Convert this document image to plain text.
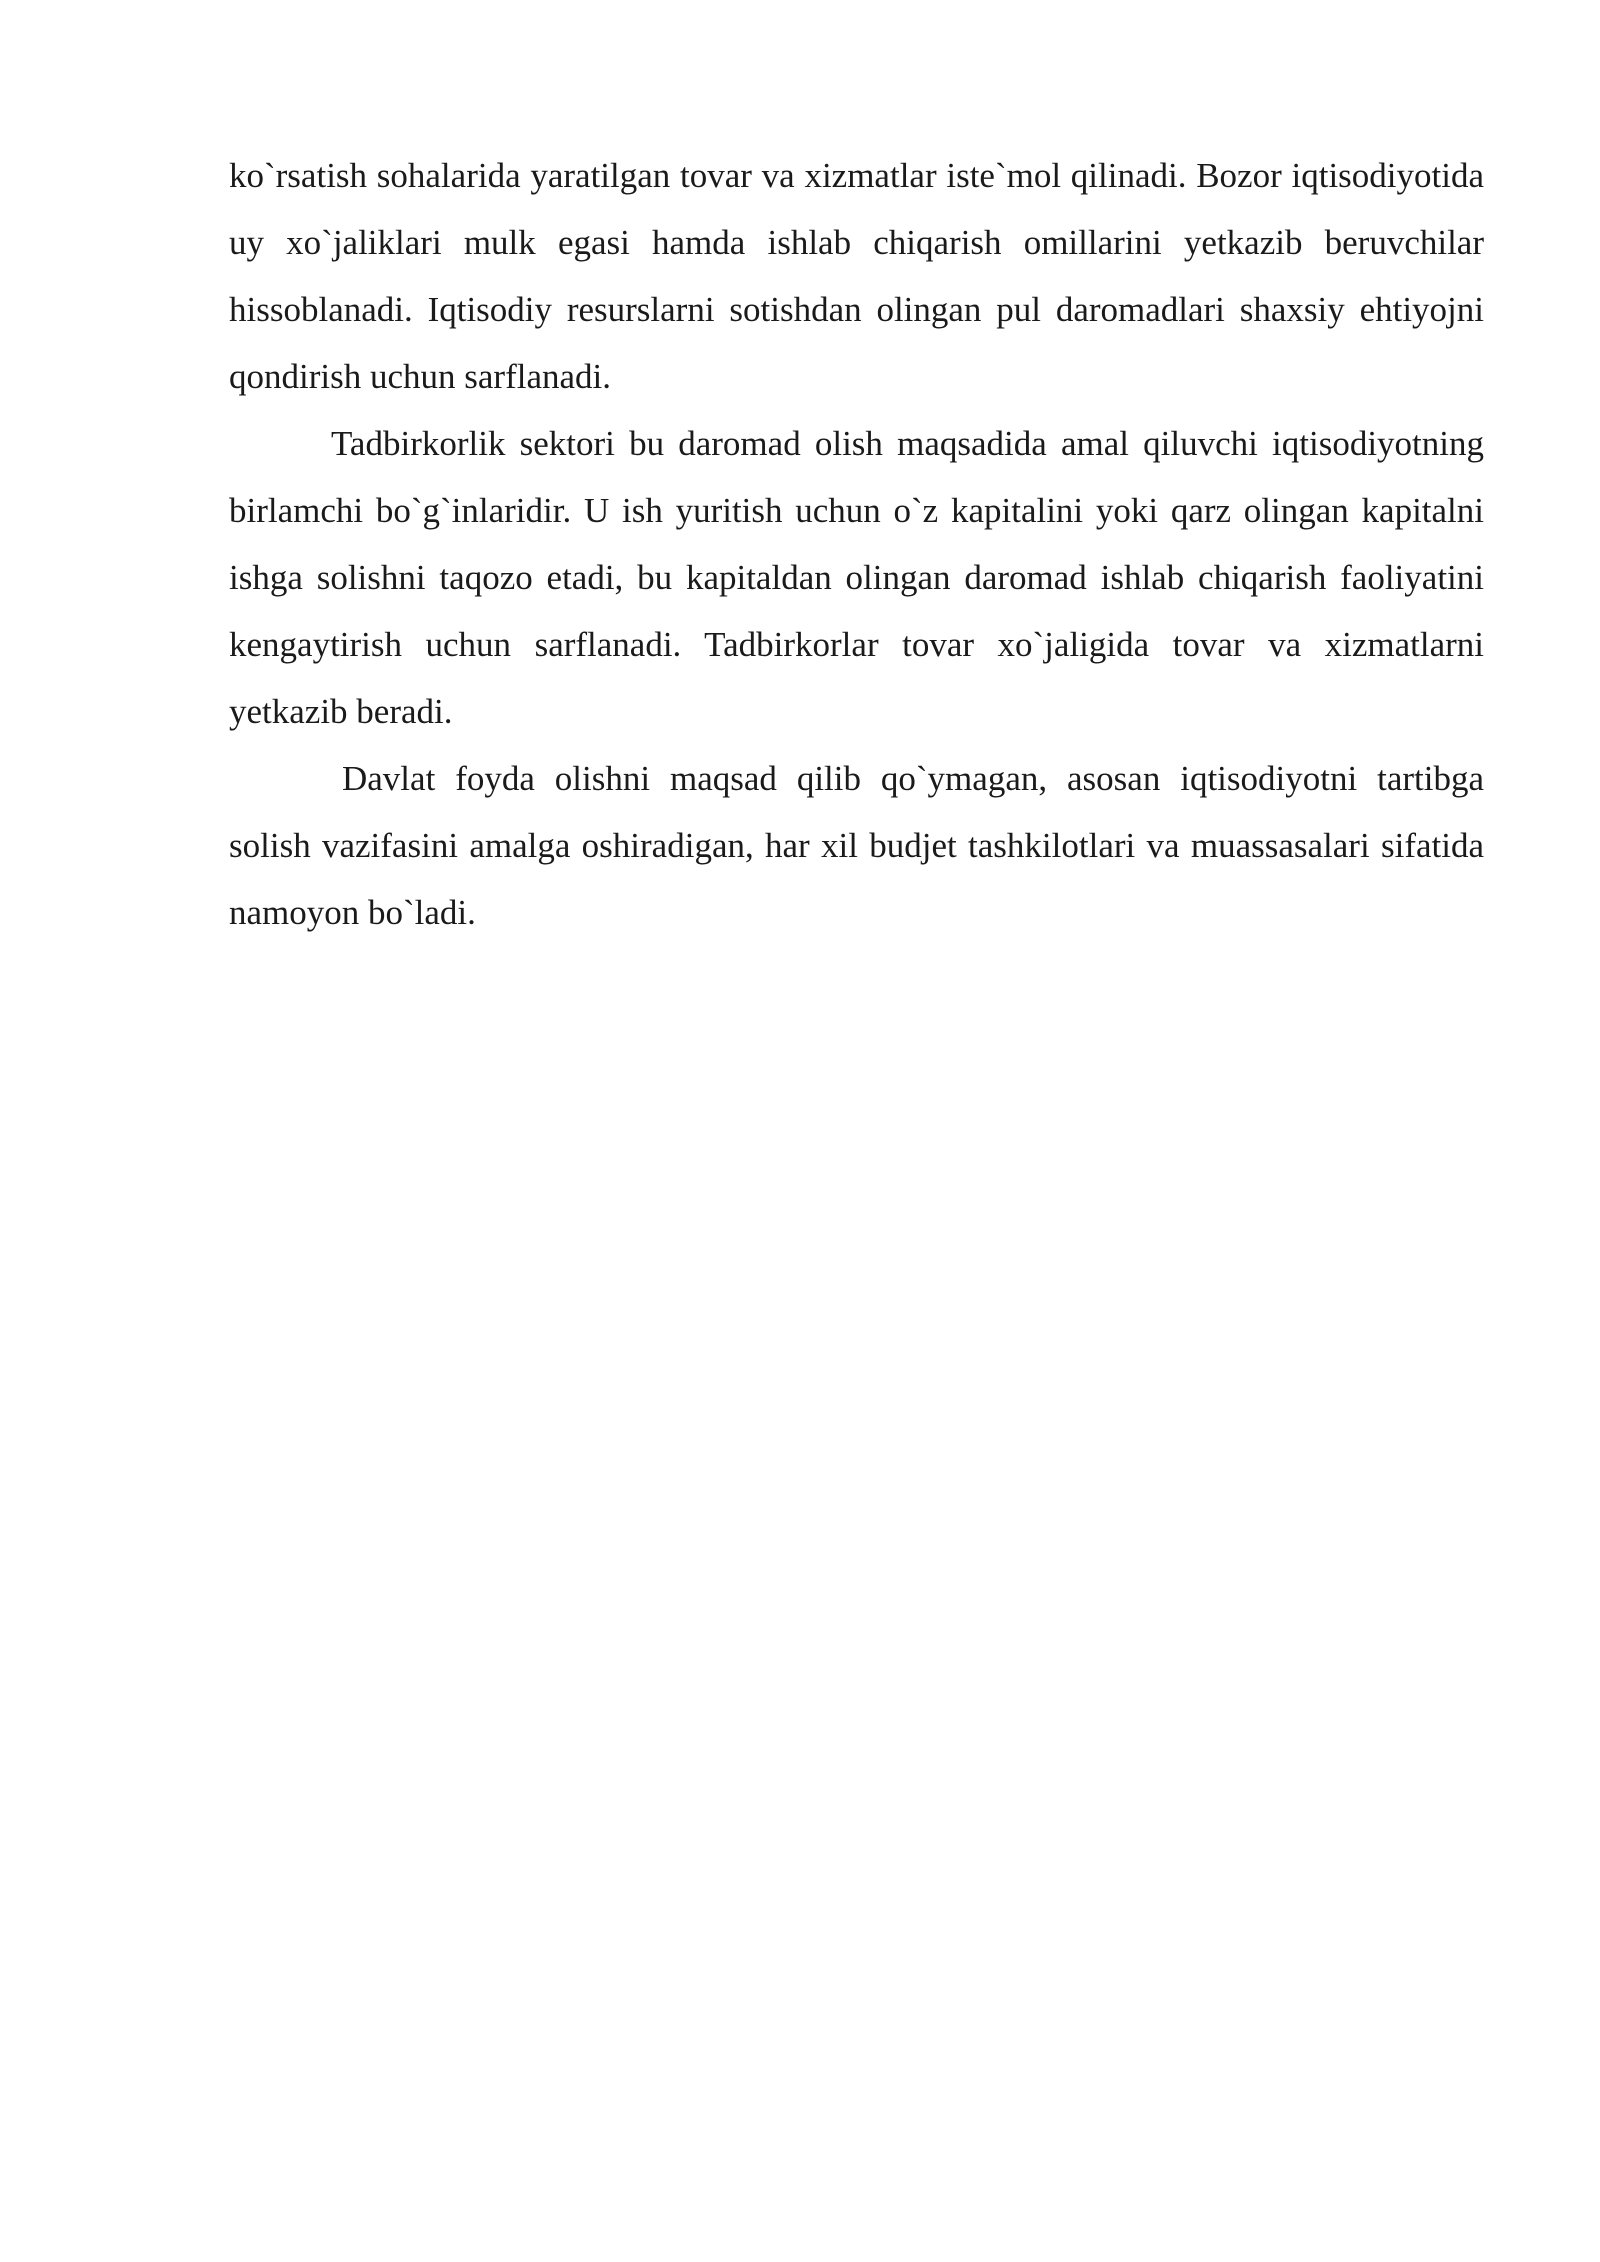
ko`rsatish sohalarida yaratilgan tovar va xizmatlar iste`mol qilinadi. Bozor iqtisodiyotida uy xo`jaliklari mulk egasi hamda ishlab chiqarish omillarini yetkazib beruvchilar hissoblanadi. Iqtisodiy resurslarni sotishdan olingan pul daromadlari shaxsiy ehtiyojni qondirish uchun sarflanadi.

Tadbirkorlik sektori bu daromad olish maqsadida amal qiluvchi iqtisodiyotning birlamchi bo`g`inlaridir. U ish yuritish uchun o`z kapitalini yoki qarz olingan kapitalni ishga solishni taqozo etadi, bu kapitaldan olingan daromad ishlab chiqarish faoliyatini kengaytirish uchun sarflanadi. Tadbirkorlar tovar xo`jaligida tovar va xizmatlarni yetkazib beradi.

Davlat foyda olishni maqsad qilib qo`ymagan, asosan iqtisodiyotni tartibga solish vazifasini amalga oshiradigan, har xil budjet tashkilotlari va muassasalari sifatida namoyon bo`ladi.
